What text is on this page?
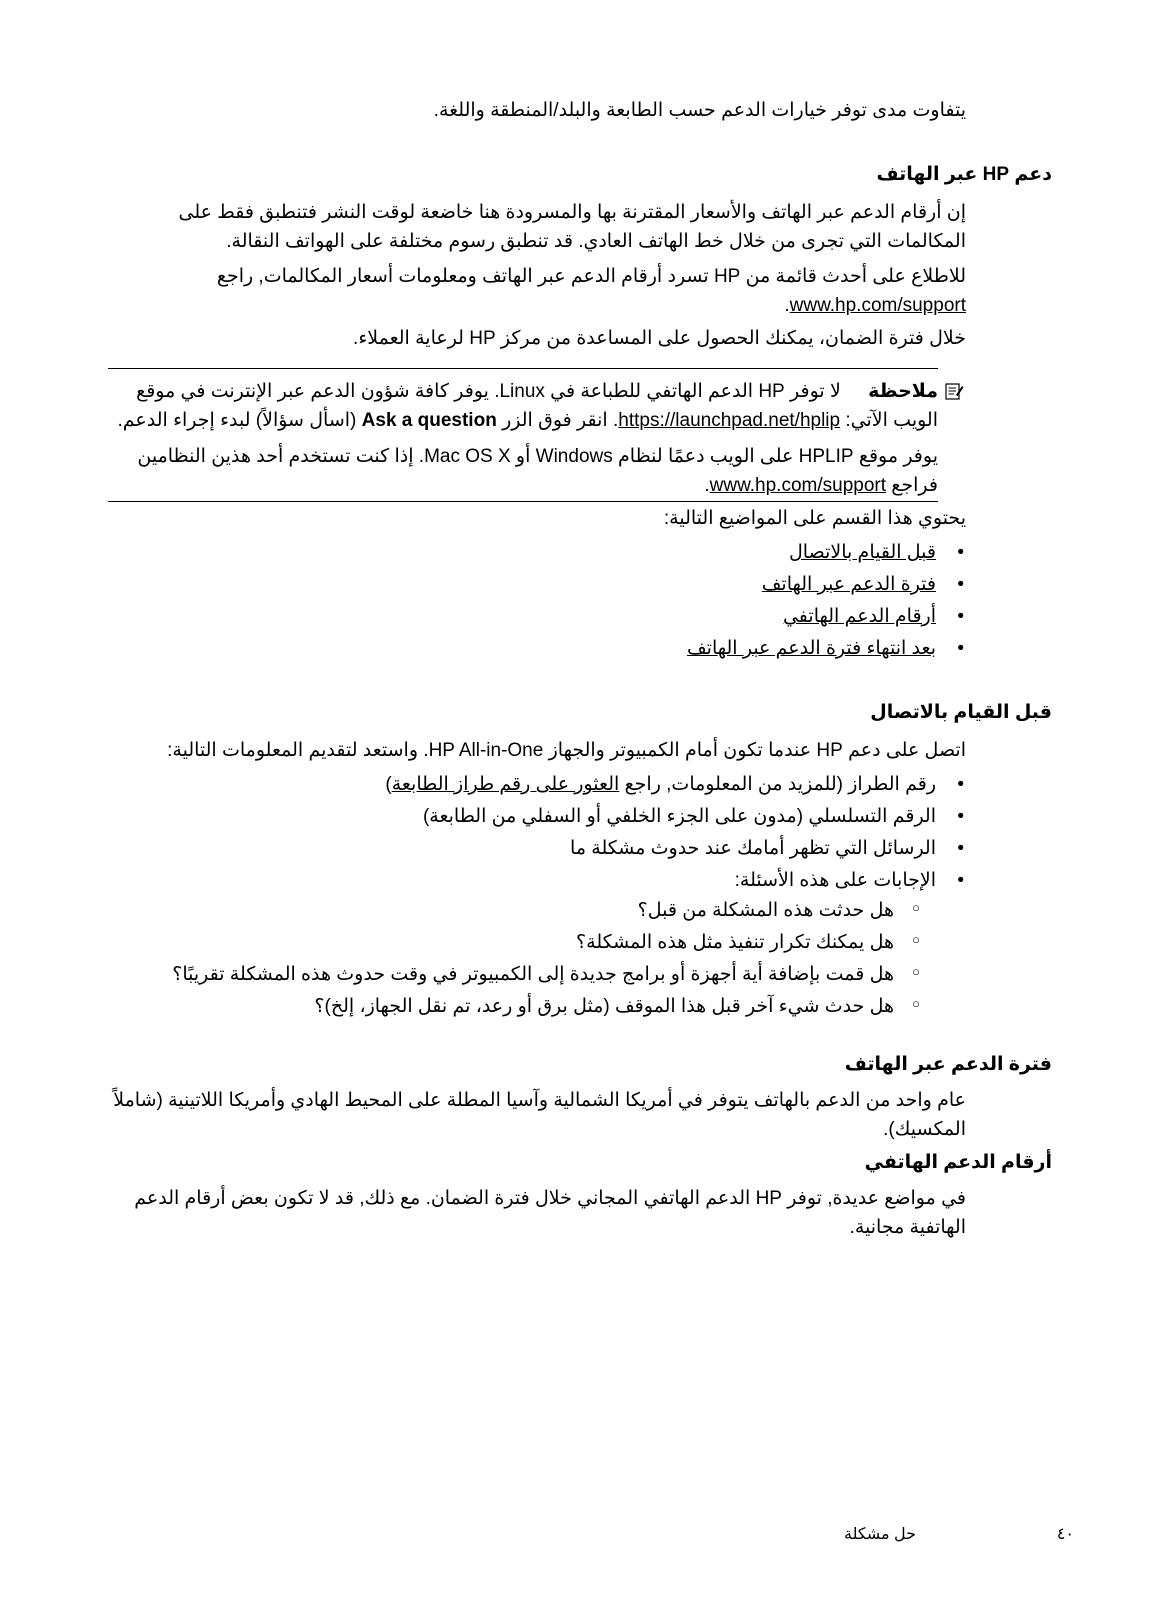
يتفاوت مدى توفر خيارات الدعم حسب الطابعة والبلد/المنطقة واللغة.

دعم HP عبر الهاتف

إن أرقام الدعم عبر الهاتف والأسعار المقترنة بها والمسرودة هنا خاضعة لوقت النشر فتنطبق فقط على المكالمات التي تجرى من خلال خط الهاتف العادي. قد تنطبق رسوم مختلفة على الهواتف النقالة.

للاطلاع على أحدث قائمة من HP تسرد أرقام الدعم عبر الهاتف ومعلومات أسعار المكالمات, راجع www.hp.com/support.

خلال فترة الضمان، يمكنك الحصول على المساعدة من مركز HP لرعاية العملاء.

ملاحظة لا توفر HP الدعم الهاتفي للطباعة في Linux. يوفر كافة شؤون الدعم عبر الإنترنت في موقع الويب الآتي: https://launchpad.net/hplip. انقر فوق الزر Ask a question (اسأل سؤالاً) لبدء إجراء الدعم.

يوفر موقع HPLIP على الويب دعمًا لنظام Windows أو Mac OS X. إذا كنت تستخدم أحد هذين النظامين فراجع www.hp.com/support.

يحتوي هذا القسم على المواضيع التالية:

• قبل القيام بالاتصال
• فترة الدعم عبر الهاتف
• أرقام الدعم الهاتفي
• بعد انتهاء فترة الدعم عبر الهاتف
قبل القيام بالاتصال

اتصل على دعم HP عندما تكون أمام الكمبيوتر والجهاز HP All-in-One. واستعد لتقديم المعلومات التالية:

• رقم الطراز (للمزيد من المعلومات, راجع العثور على رقم طراز الطابعة)
• الرقم التسلسلي (مدون على الجزء الخلفي أو السفلي من الطابعة)
• الرسائل التي تظهر أمامك عند حدوث مشكلة ما
• الإجابات على هذه الأسئلة:
○ هل حدثت هذه المشكلة من قبل؟
○ هل يمكنك تكرار تنفيذ مثل هذه المشكلة؟
○ هل قمت بإضافة أية أجهزة أو برامج جديدة إلى الكمبيوتر في وقت حدوث هذه المشكلة تقريبًا؟
○ هل حدث شيء آخر قبل هذا الموقف (مثل برق أو رعد، تم نقل الجهاز، إلخ)؟
فترة الدعم عبر الهاتف

عام واحد من الدعم بالهاتف يتوفر في أمريكا الشمالية وآسيا المطلة على المحيط الهادي وأمريكا اللاتينية (شاملاً المكسيك).

أرقام الدعم الهاتفي

في مواضع عديدة, توفر HP الدعم الهاتفي المجاني خلال فترة الضمان. مع ذلك, قد لا تكون بعض أرقام الدعم الهاتفية مجانية.

٤٠
حل مشكلة
